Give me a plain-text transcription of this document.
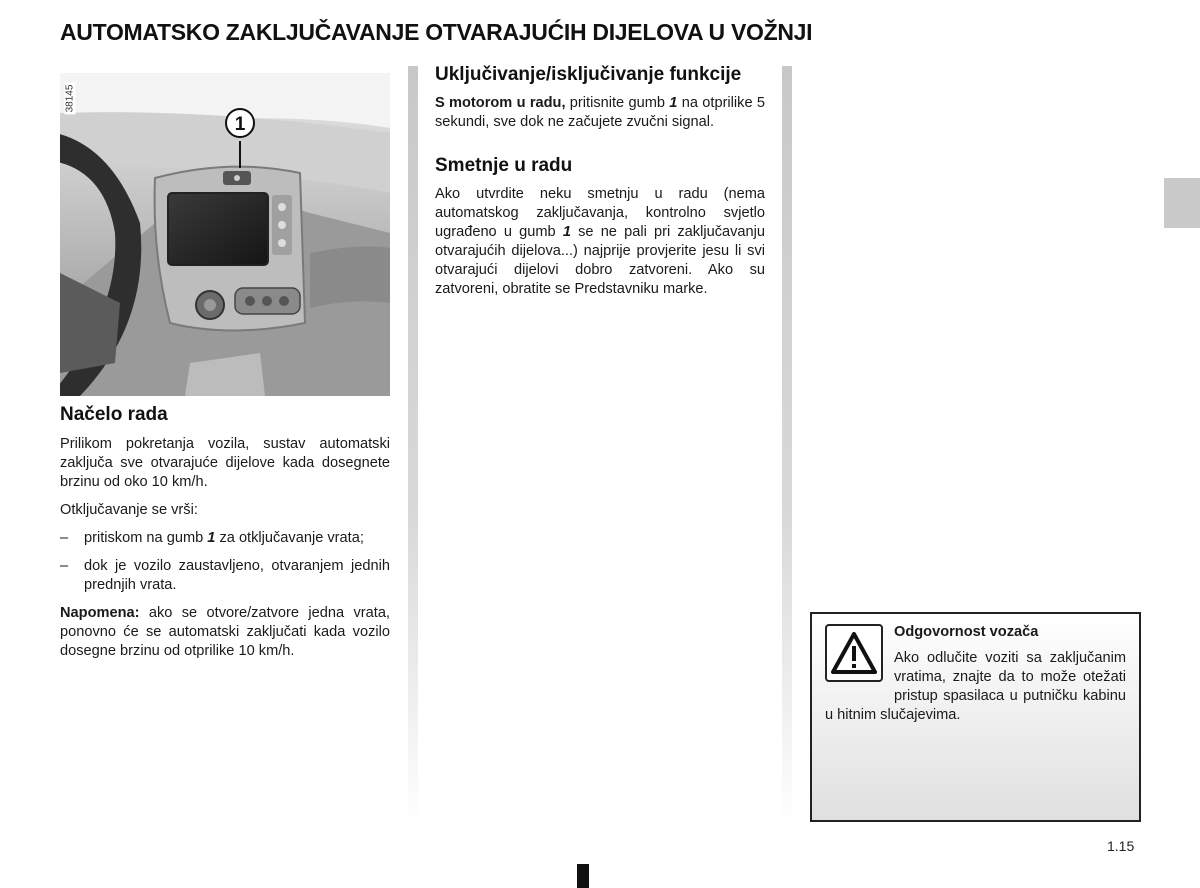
AUTOMATSKO ZAKLJUČAVANJE OTVARAJUĆIH DIJELOVA U VOŽNJI
1
38145
Načelo rada

Prilikom pokretanja vozila, sustav automatski zaključa sve otvarajuće dijelove kada dosegnete brzinu od oko 10 km/h.

Otključavanje se vrši:

– pritiskom na gumb 1 za otključavanje vrata;
– dok je vozilo zaustavljeno, otvaranjem jednih prednjih vrata.

Napomena: ako se otvore/zatvore jedna vrata, ponovno će se automatski zaključati kada vozilo dosegne brzinu od otprilike 10 km/h.

Uključivanje/isključivanje funkcije

S motorom u radu, pritisnite gumb 1 na otprilike 5 sekundi, sve dok ne začujete zvučni signal.

Smetnje u radu

Ako utvrdite neku smetnju u radu (nema automatskog zaključavanja, kontrolno svjetlo ugrađeno u gumb 1 se ne pali pri zaključavanju otvarajućih dijelova...) najprije provjerite jesu li svi otvarajući dijelovi dobro zatvoreni. Ako su zatvoreni, obratite se Predstavniku marke.

Odgovornost vozača
Ako odlučite voziti sa zaključanim vratima, znajte da to može otežati pristup spasilaca u putničku kabinu u hitnim slučajevima.
1.15
